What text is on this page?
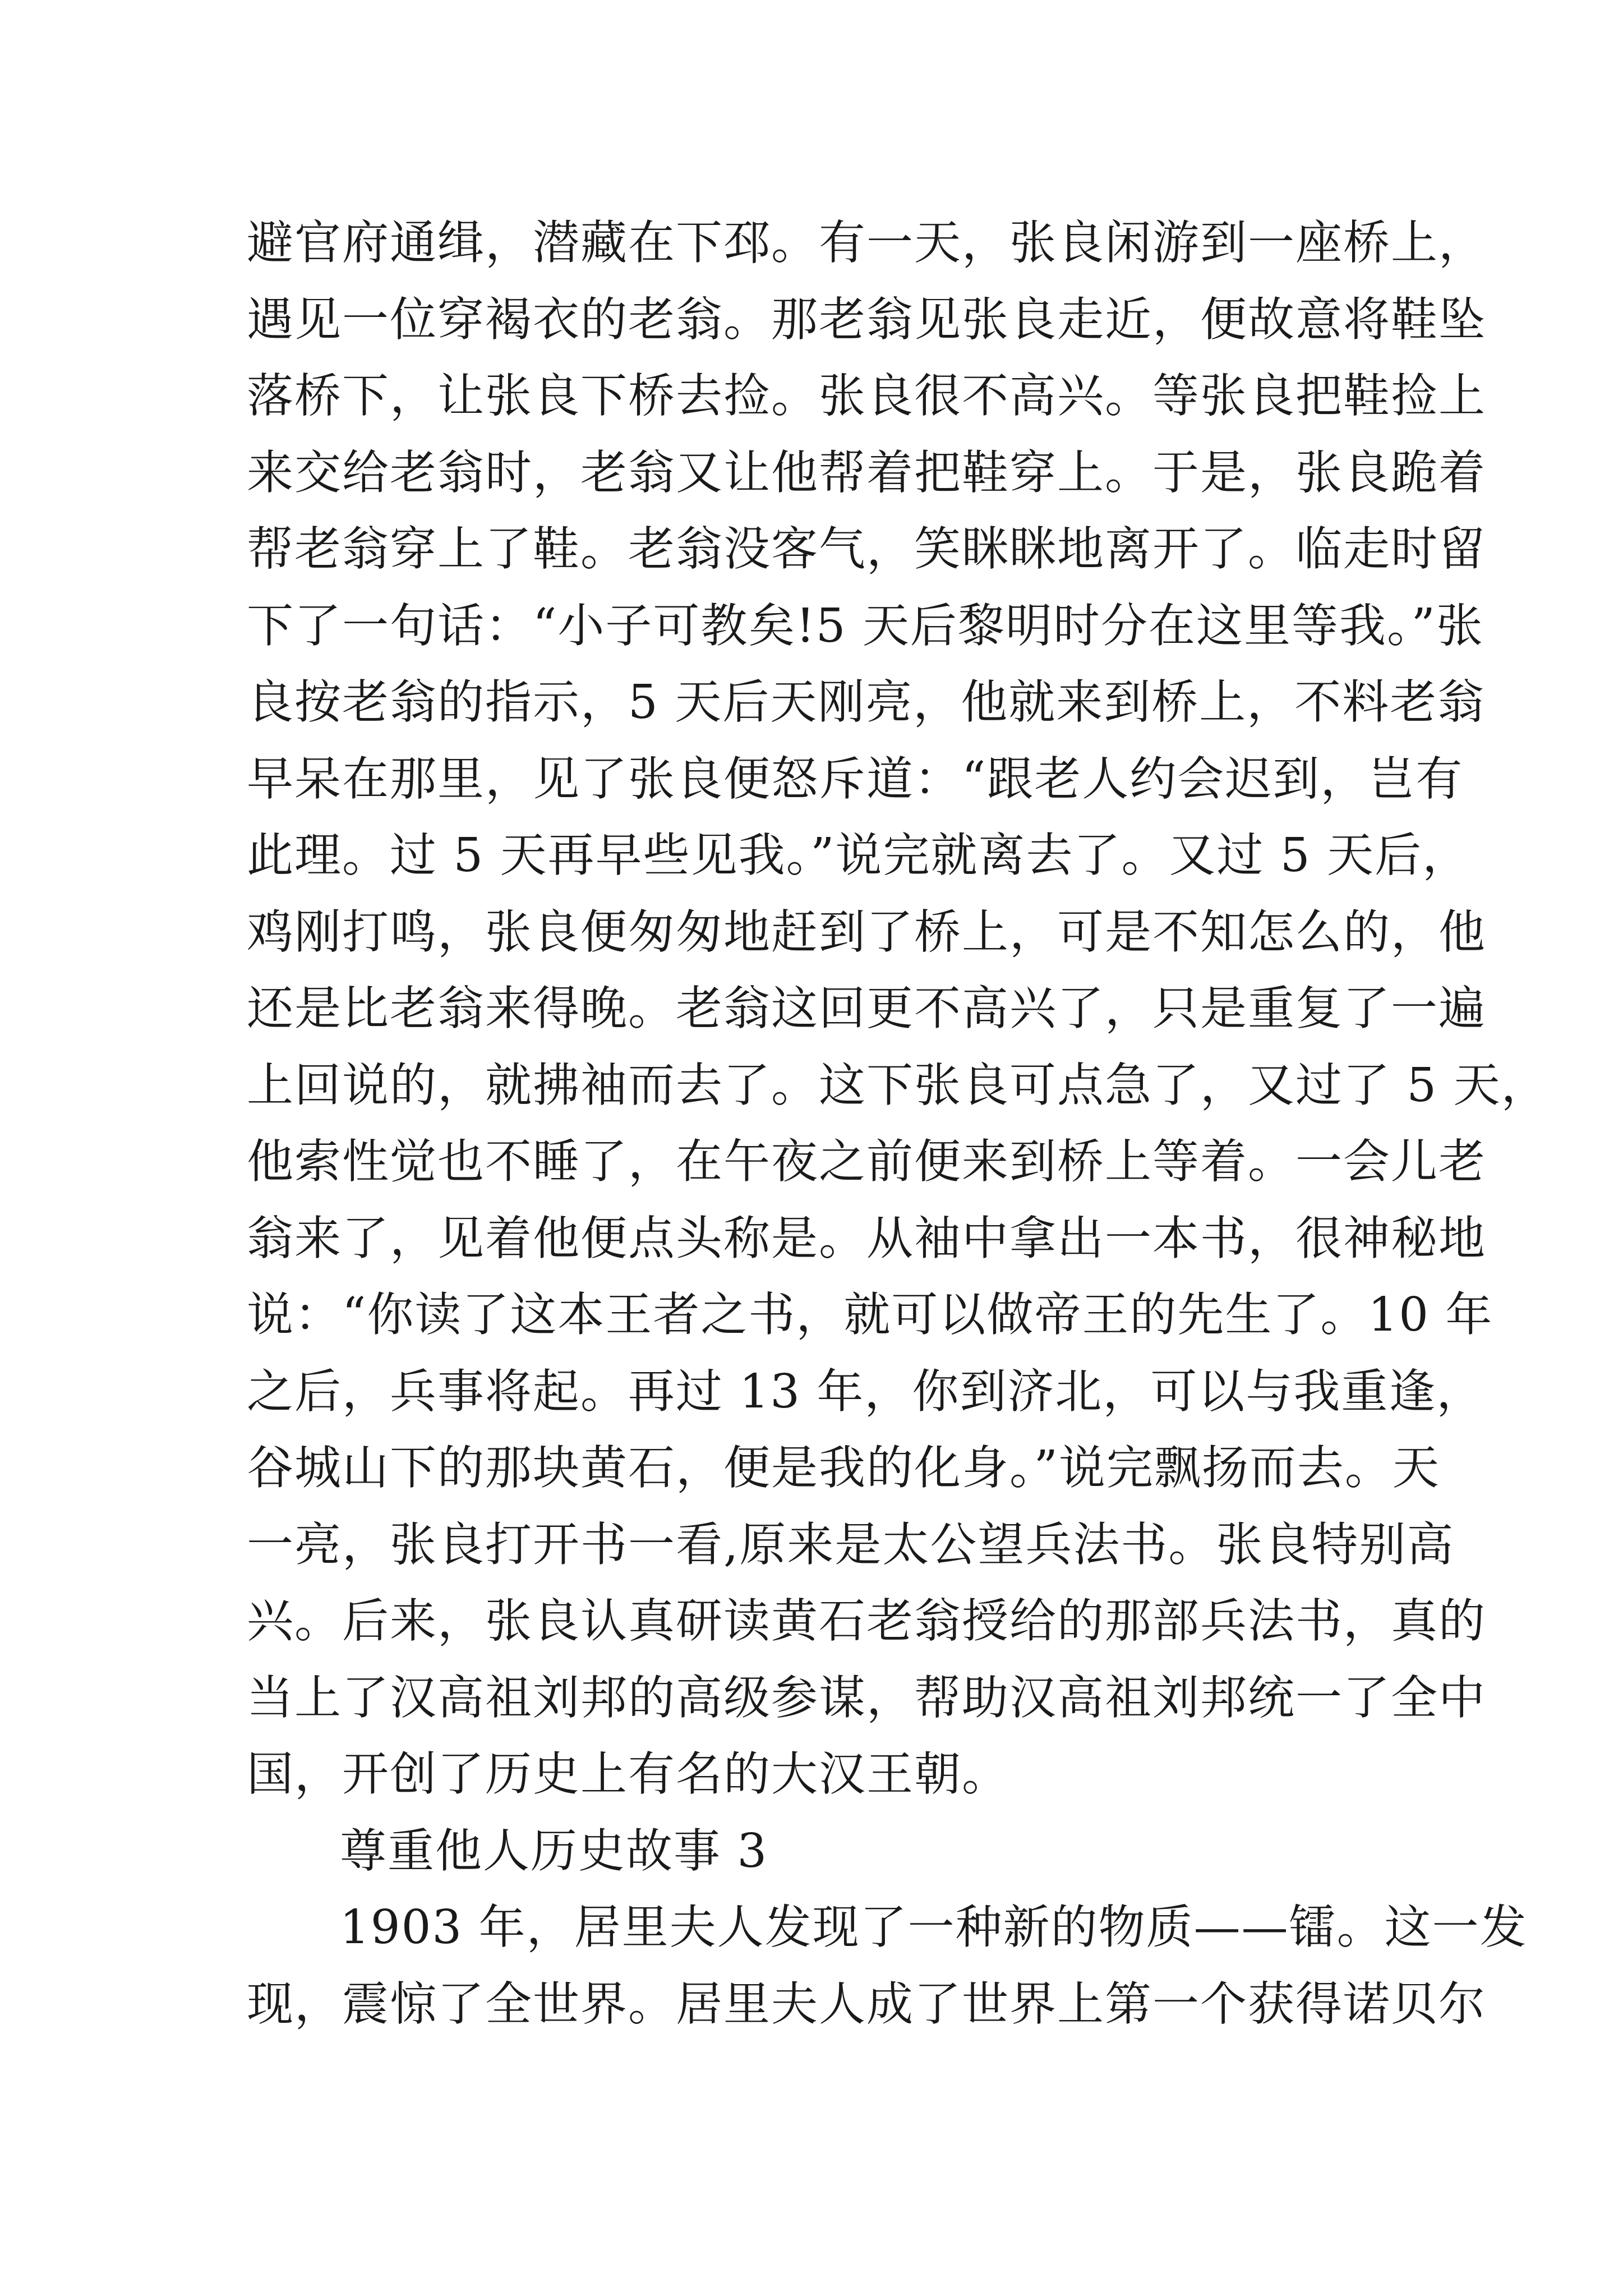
避官府通缉，潜藏在下邳。有一天，张良闲游到一座桥上，
遇见一位穿褐衣的老翁。那老翁见张良走近，便故意将鞋坠
落桥下，让张良下桥去捡。张良很不高兴。等张良把鞋捡上
来交给老翁时，老翁又让他帮着把鞋穿上。于是，张良跪着
帮老翁穿上了鞋。老翁没客气，笑眯眯地离开了。临走时留
下了一句话：“小子可教矣!5 天后黎明时分在这里等我。”张
良按老翁的指示，5 天后天刚亮，他就来到桥上，不料老翁
早呆在那里，见了张良便怒斥道：“跟老人约会迟到，岂有
此理。过 5 天再早些见我。”说完就离去了。又过 5 天后，
鸡刚打鸣，张良便匆匆地赶到了桥上，可是不知怎么的，他
还是比老翁来得晚。老翁这回更不高兴了，只是重复了一遍
上回说的，就拂袖而去了。这下张良可点急了，又过了 5 天，
他索性觉也不睡了，在午夜之前便来到桥上等着。一会儿老
翁来了，见着他便点头称是。从袖中拿出一本书，很神秘地
说：“你读了这本王者之书，就可以做帝王的先生了。10 年
之后，兵事将起。再过 13 年，你到济北，可以与我重逢，
谷城山下的那块黄石，便是我的化身。”说完飘扬而去。天
一亮，张良打开书一看,原来是太公望兵法书。张良特别高
兴。后来，张良认真研读黄石老翁授给的那部兵法书，真的
当上了汉高祖刘邦的高级参谋，帮助汉高祖刘邦统一了全中
国，开创了历史上有名的大汉王朝。
尊重他人历史故事 3
1903 年，居里夫人发现了一种新的物质——镭。这一发
现，震惊了全世界。居里夫人成了世界上第一个获得诺贝尔
